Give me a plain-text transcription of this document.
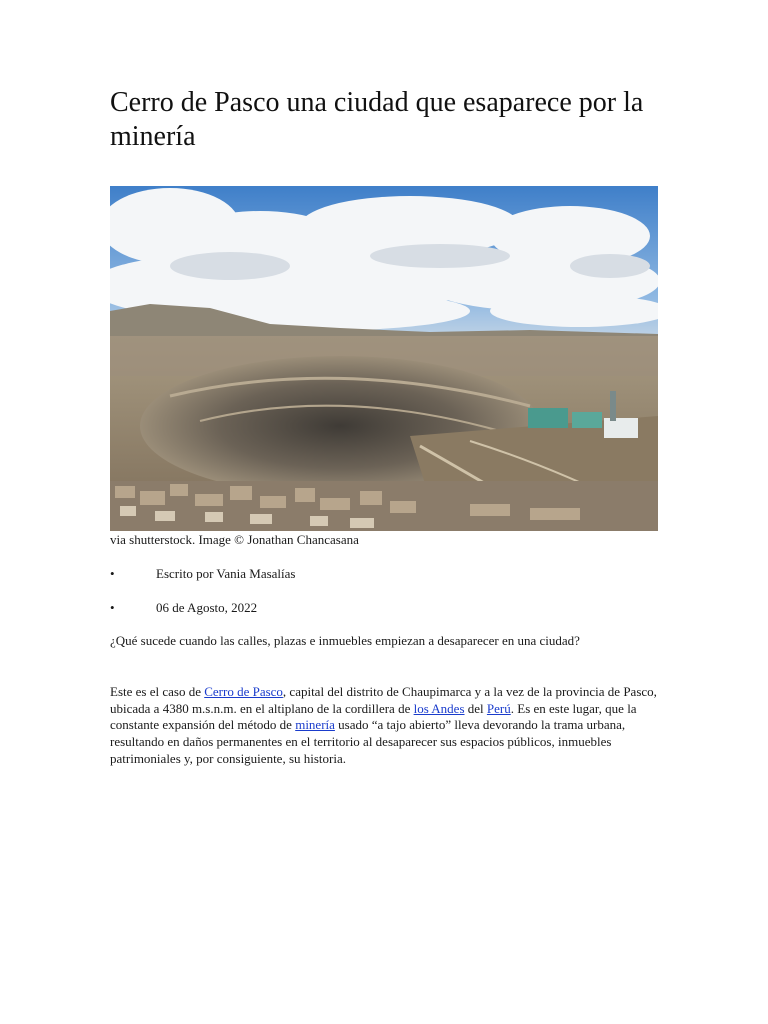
Cerro de Pasco una ciudad que esaparece por la minería
via shutterstock. Image © Jonathan Chancasana
•	Escrito por Vania Masalías
•	06 de Agosto, 2022

¿Qué sucede cuando las calles, plazas e inmuebles empiezan a desaparecer en una ciudad?

Este es el caso de Cerro de Pasco, capital del distrito de Chaupimarca y a la vez de la provincia de Pasco, ubicada a 4380 m.s.n.m. en el altiplano de la cordillera de los Andes del Perú. Es en este lugar, que la constante expansión del método de minería usado “a tajo abierto” lleva devorando la trama urbana, resultando en daños permanentes en el territorio al desaparecer sus espacios públicos, inmuebles patrimoniales y, por consiguiente, su historia.
